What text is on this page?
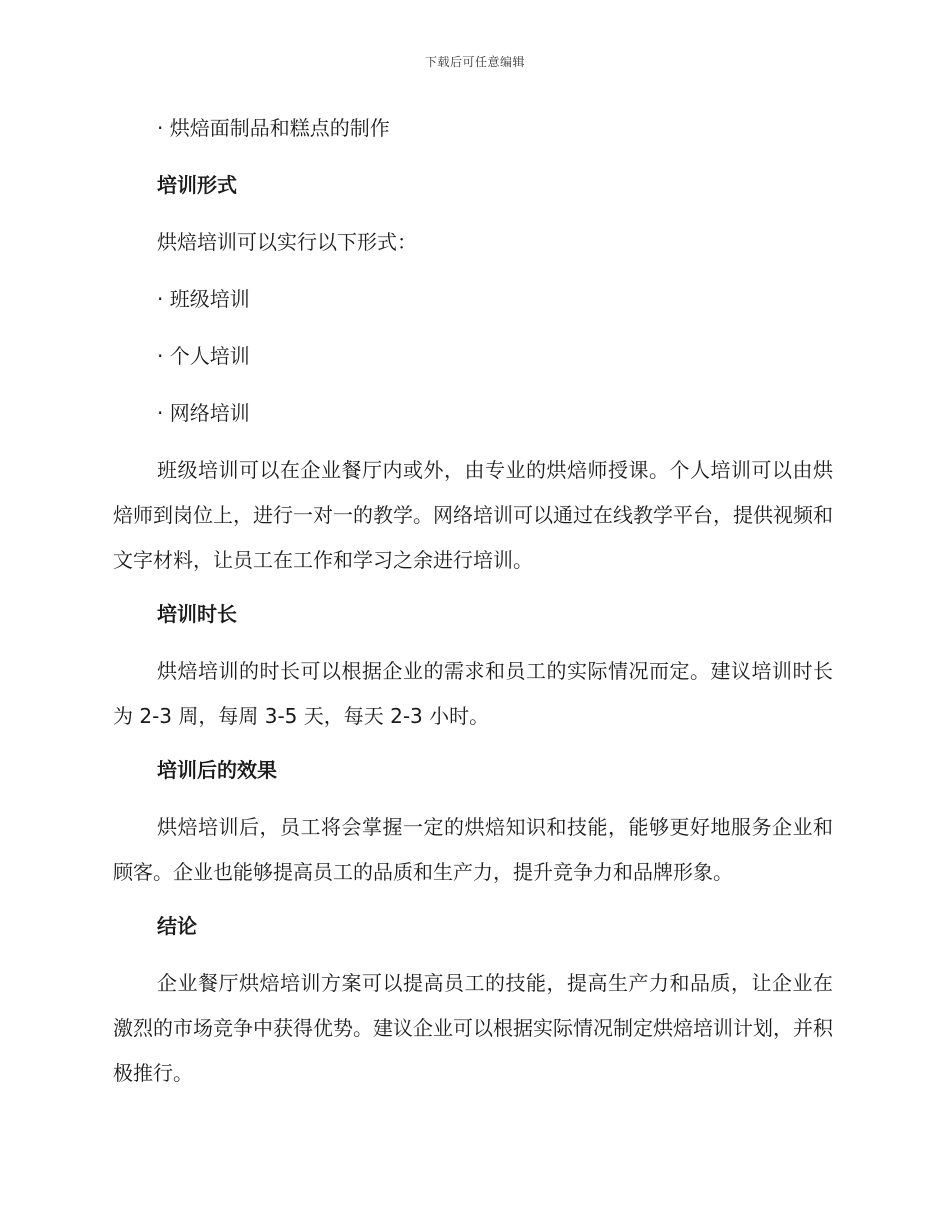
下载后可任意编辑

· 烘焙面制品和糕点的制作

培训形式

烘焙培训可以实行以下形式：

· 班级培训

· 个人培训

· 网络培训

班级培训可以在企业餐厅内或外，由专业的烘焙师授课。个人培训可以由烘焙师到岗位上，进行一对一的教学。网络培训可以通过在线教学平台，提供视频和文字材料，让员工在工作和学习之余进行培训。

培训时长

烘焙培训的时长可以根据企业的需求和员工的实际情况而定。建议培训时长为 2-3 周，每周 3-5 天，每天 2-3 小时。

培训后的效果

烘焙培训后，员工将会掌握一定的烘焙知识和技能，能够更好地服务企业和顾客。企业也能够提高员工的品质和生产力，提升竞争力和品牌形象。

结论

企业餐厅烘焙培训方案可以提高员工的技能，提高生产力和品质，让企业在激烈的市场竞争中获得优势。建议企业可以根据实际情况制定烘焙培训计划，并积极推行。
